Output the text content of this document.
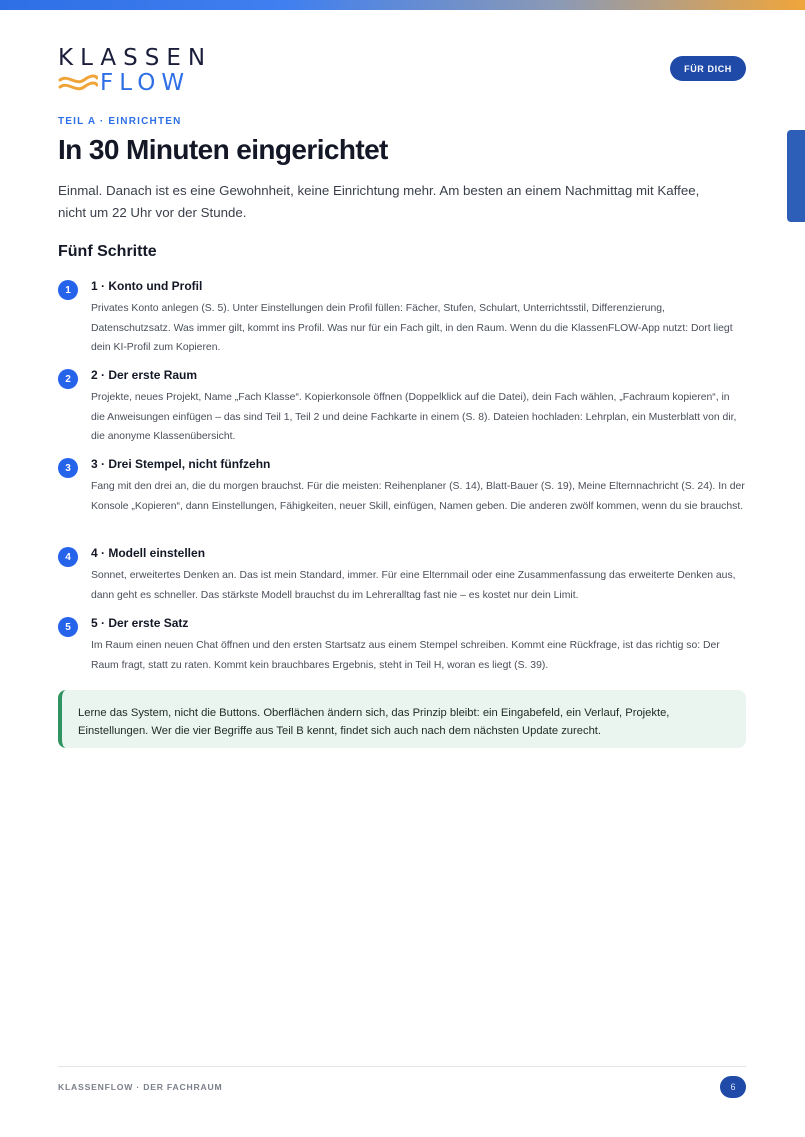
KLASSEN
FLOW
FÜR DICH
TEIL A · EINRICHTEN
In 30 Minuten eingerichtet

Einmal. Danach ist es eine Gewohnheit, keine Einrichtung mehr. Am besten an einem Nachmittag mit Kaffee, nicht um 22 Uhr vor der Stunde.

Fünf Schritte
1	1 · Konto und Profil

Privates Konto anlegen (S. 5). Unter Einstellungen dein Profil füllen: Fächer, Stufen, Schulart, Unterrichtsstil, Differenzierung, Datenschutzsatz. Was immer gilt, kommt ins Profil. Was nur für ein Fach gilt, in den Raum. Wenn du die KlassenFLOW-App nutzt: Dort liegt dein KI-Profil zum Kopieren.

2	2 · Der erste Raum

Projekte, neues Projekt, Name „Fach Klasse“. Kopierkonsole öffnen (Doppelklick auf die Datei), dein Fach wählen, „Fachraum kopieren“, in die Anweisungen einfügen – das sind Teil 1, Teil 2 und deine Fachkarte in einem (S. 8). Dateien hochladen: Lehrplan, ein Musterblatt von dir, die anonyme Klassenübersicht.

3	3 · Drei Stempel, nicht fünfzehn

Fang mit den drei an, die du morgen brauchst. Für die meisten: Reihenplaner (S. 14), Blatt-Bauer (S. 19), Meine Elternnachricht (S. 24). In der Konsole „Kopieren“, dann Einstellungen, Fähigkeiten, neuer Skill, einfügen, Namen geben. Die anderen zwölf kommen, wenn du sie brauchst.

4	4 · Modell einstellen

Sonnet, erweitertes Denken an. Das ist mein Standard, immer. Für eine Elternmail oder eine Zusammenfassung das erweiterte Denken aus, dann geht es schneller. Das stärkste Modell brauchst du im Lehreralltag fast nie – es kostet nur dein Limit.

5	5 · Der erste Satz

Im Raum einen neuen Chat öffnen und den ersten Startsatz aus einem Stempel schreiben. Kommt eine Rückfrage, ist das richtig so: Der Raum fragt, statt zu raten. Kommt kein brauchbares Ergebnis, steht in Teil H, woran es liegt (S. 39).

Lerne das System, nicht die Buttons. Oberflächen ändern sich, das Prinzip bleibt: ein Eingabefeld, ein Verlauf, Projekte, Einstellungen. Wer die vier Begriffe aus Teil B kennt, findet sich auch nach dem nächsten Update zurecht.

KLASSENFLOW · DER FACHRAUM	6
